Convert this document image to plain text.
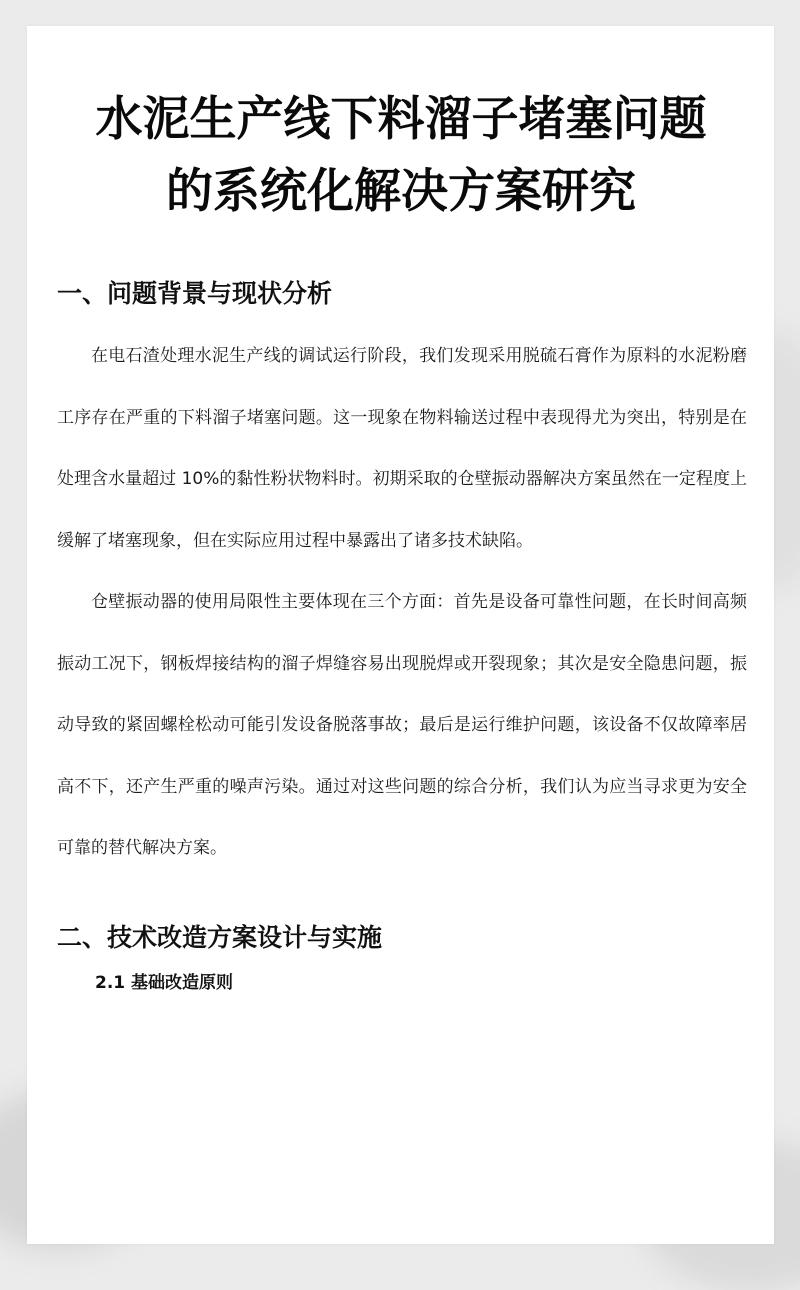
水泥生产线下料溜子堵塞问题
的系统化解决方案研究
一、问题背景与现状分析

在电石渣处理水泥生产线的调试运行阶段，我们发现采用脱硫石膏作为原料的水泥粉磨工序存在严重的下料溜子堵塞问题。这一现象在物料输送过程中表现得尤为突出，特别是在处理含水量超过 10%的黏性粉状物料时。初期采取的仓壁振动器解决方案虽然在一定程度上缓解了堵塞现象，但在实际应用过程中暴露出了诸多技术缺陷。

仓壁振动器的使用局限性主要体现在三个方面：首先是设备可靠性问题，在长时间高频振动工况下，钢板焊接结构的溜子焊缝容易出现脱焊或开裂现象；其次是安全隐患问题，振动导致的紧固螺栓松动可能引发设备脱落事故；最后是运行维护问题，该设备不仅故障率居高不下，还产生严重的噪声污染。通过对这些问题的综合分析，我们认为应当寻求更为安全可靠的替代解决方案。

二、技术改造方案设计与实施
2.1 基础改造原则
